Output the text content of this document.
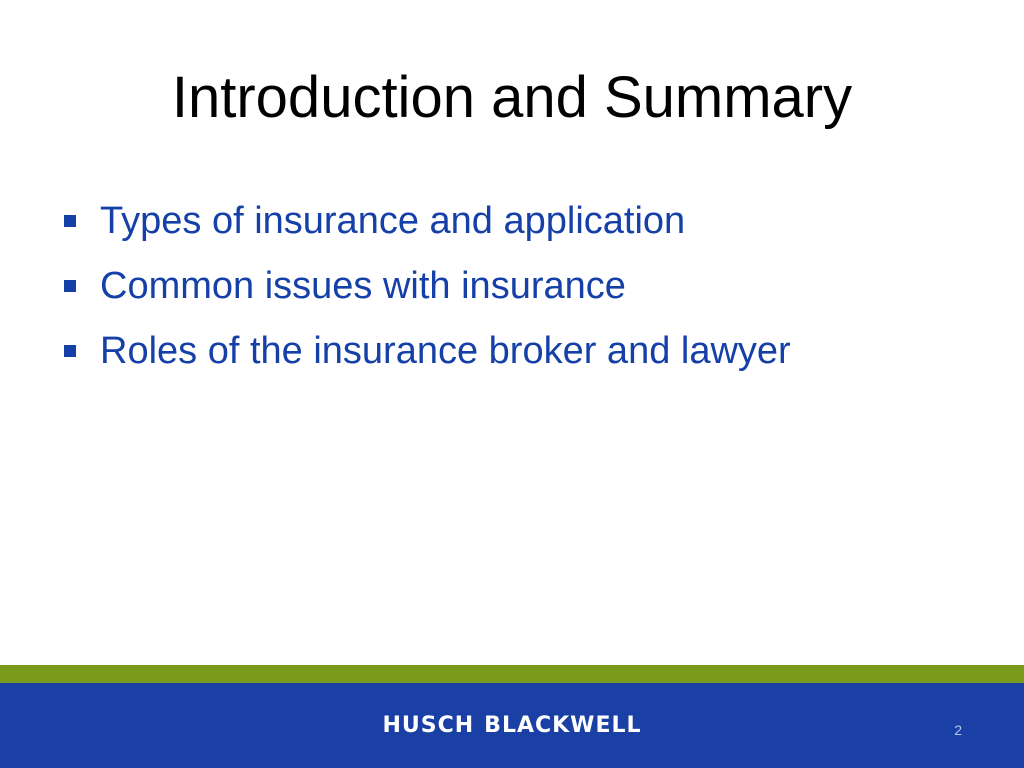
Introduction and Summary
Types of insurance and application
Common issues with insurance
Roles of the insurance broker and lawyer
HUSCH BLACKWELL	2
